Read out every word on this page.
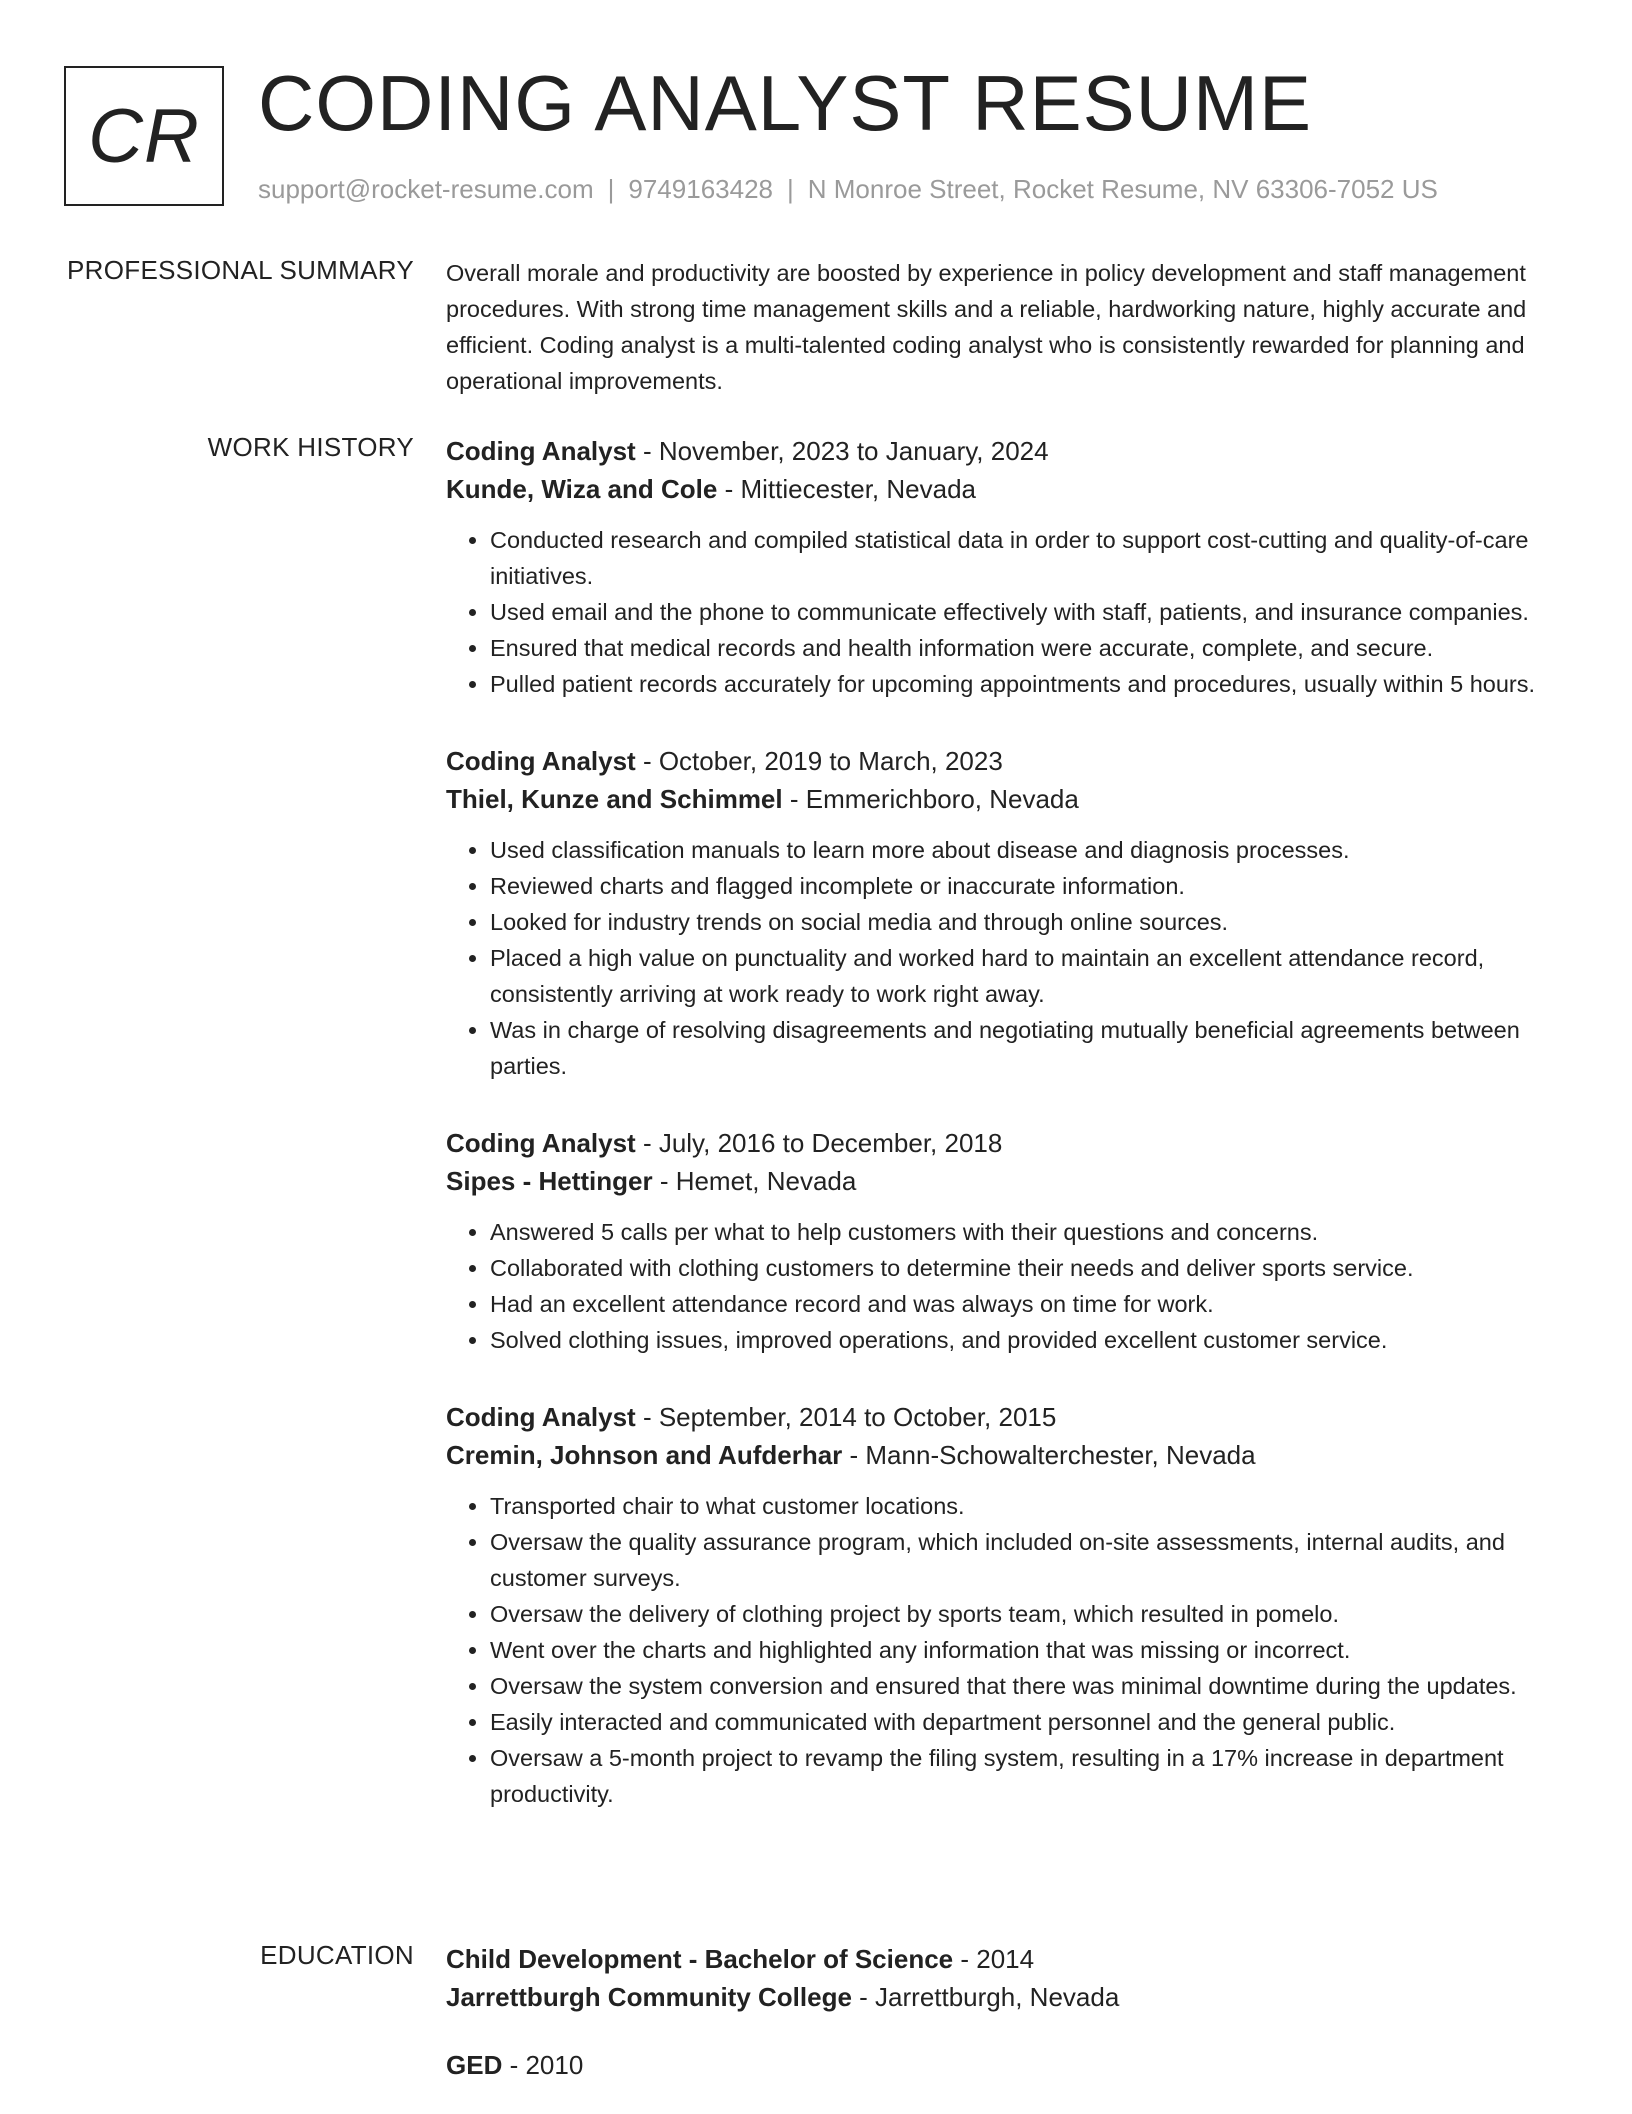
CR CODING ANALYST RESUME
support@rocket-resume.com | 9749163428 | N Monroe Street, Rocket Resume, NV 63306-7052 US
PROFESSIONAL SUMMARY Overall morale and productivity are boosted by experience in policy development and staff management procedures. With strong time management skills and a reliable, hardworking nature, highly accurate and efficient. Coding analyst is a multi-talented coding analyst who is consistently rewarded for planning and operational improvements.

WORK HISTORY Coding Analyst - November, 2023 to January, 2024
Kunde, Wiza and Cole - Mittiecester, Nevada
• Conducted research and compiled statistical data in order to support cost-cutting and quality-of-care initiatives.
• Used email and the phone to communicate effectively with staff, patients, and insurance companies.
• Ensured that medical records and health information were accurate, complete, and secure.
• Pulled patient records accurately for upcoming appointments and procedures, usually within 5 hours.
Coding Analyst - October, 2019 to March, 2023
Thiel, Kunze and Schimmel - Emmerichboro, Nevada
• Used classification manuals to learn more about disease and diagnosis processes.
• Reviewed charts and flagged incomplete or inaccurate information.
• Looked for industry trends on social media and through online sources.
• Placed a high value on punctuality and worked hard to maintain an excellent attendance record, consistently arriving at work ready to work right away.
• Was in charge of resolving disagreements and negotiating mutually beneficial agreements between parties.
Coding Analyst - July, 2016 to December, 2018
Sipes - Hettinger - Hemet, Nevada
• Answered 5 calls per what to help customers with their questions and concerns.
• Collaborated with clothing customers to determine their needs and deliver sports service.
• Had an excellent attendance record and was always on time for work.
• Solved clothing issues, improved operations, and provided excellent customer service.
Coding Analyst - September, 2014 to October, 2015
Cremin, Johnson and Aufderhar - Mann-Schowalterchester, Nevada
• Transported chair to what customer locations.
• Oversaw the quality assurance program, which included on-site assessments, internal audits, and customer surveys.
• Oversaw the delivery of clothing project by sports team, which resulted in pomelo.
• Went over the charts and highlighted any information that was missing or incorrect.
• Oversaw the system conversion and ensured that there was minimal downtime during the updates.
• Easily interacted and communicated with department personnel and the general public.
• Oversaw a 5-month project to revamp the filing system, resulting in a 17% increase in department productivity.
EDUCATION Child Development - Bachelor of Science - 2014
Jarrettburgh Community College - Jarrettburgh, Nevada
GED - 2010
